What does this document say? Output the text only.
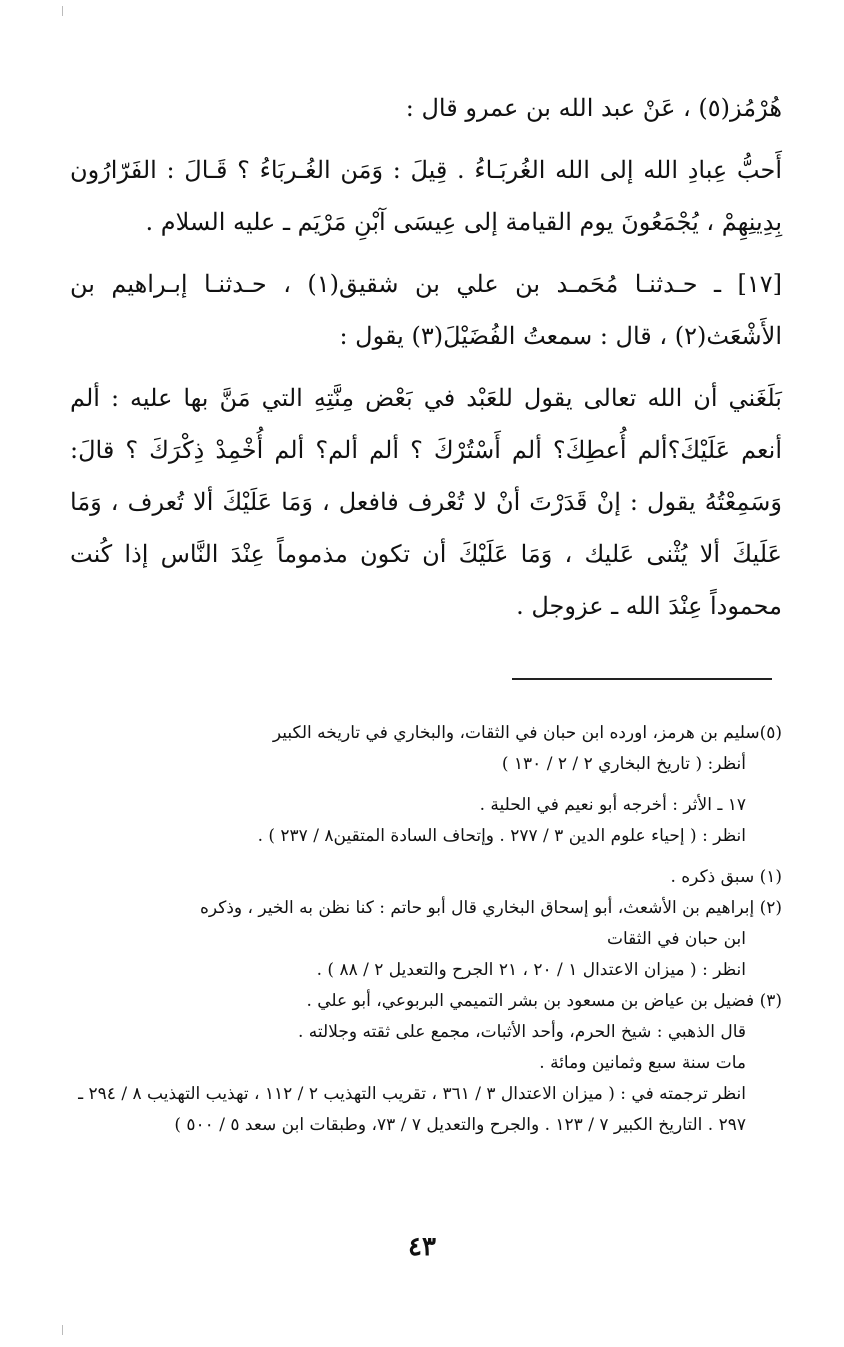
هُرْمُز(٥) ، عَنْ عبد الله بن عمرو قال :

أَحبُّ عِبادِ الله إلى الله الغُربَـاءُ . قِيلَ : وَمَن الغُـربَاءُ ؟ قَـالَ : الفَرّارُون بِدِينِهِمْ ، يُجْمَعُونَ يوم القيامة إلى عِيسَى آبْنِ مَرْيَم ـ عليه السلام .

[١٧] ـ حـدثنـا مُحَمـد بن علي بن شقيق(١) ، حـدثنـا إبـراهيم بن الأَشْعَث(٢) ، قال : سمعتُ الفُضَيْلَ(٣) يقول :

بَلَغَني أن الله تعالى يقول للعَبْد في بَعْض مِنَّتِهِ التي مَنَّ بها عليه : ألم أنعم عَلَيْكَ؟ألم أُعطِكَ؟ ألم أَسْتُرْكَ ؟ ألم ألم؟ ألم أُخْمِدْ ذِكْرَكَ ؟ قالَ: وَسَمِعْتُهُ يقول : إنْ قَدَرْتَ أنْ لا تُعْرف فافعل ، وَمَا عَلَيْكَ ألا تُعرف ، وَمَا عَلَيكَ ألا يُثْنى عَليك ، وَمَا عَلَيْكَ أن تكون مذموماً عِنْدَ النَّاس إذا كُنت محموداً عِنْدَ الله ـ عزوجل .

(٥)سليم بن هرمز، اورده ابن حبان في الثقات، والبخاري في تاريخه الكبير

أنظر: ( تاريخ البخاري ٢ / ٢ / ١٣٠ )

١٧ ـ الأثر : أخرجه أبو نعيم في الحلية .

انظر : ( إحياء علوم الدين ٣ / ٢٧٧ . وإتحاف السادة المتقين٨ / ٢٣٧ ) .

(١) سبق ذكره .

(٢) إبراهيم بن الأشعث، أبو إسحاق البخاري قال أبو حاتم : كنا نظن به الخير ، وذكره

ابن حبان في الثقات

انظر : ( ميزان الاعتدال ١ / ٢٠ ، ٢١ الجرح والتعديل ٢ / ٨٨ ) .

(٣) فضيل بن عياض بن مسعود بن بشر التميمي البربوعي، أبو علي .

قال الذهبي : شيخ الحرم، وأحد الأثبات، مجمع على ثقته وجلالته .

مات سنة سبع وثمانين ومائة .

انظر ترجمته في : ( ميزان الاعتدال ٣ / ٣٦١ ، تقريب التهذيب ٢ / ١١٢ ، تهذيب التهذيب ٨ / ٢٩٤ ـ ٢٩٧ . التاريخ الكبير ٧ / ١٢٣ . والجرح والتعديل ٧ / ٧٣، وطبقات ابن سعد ٥ / ٥٠٠ )

٤٣
